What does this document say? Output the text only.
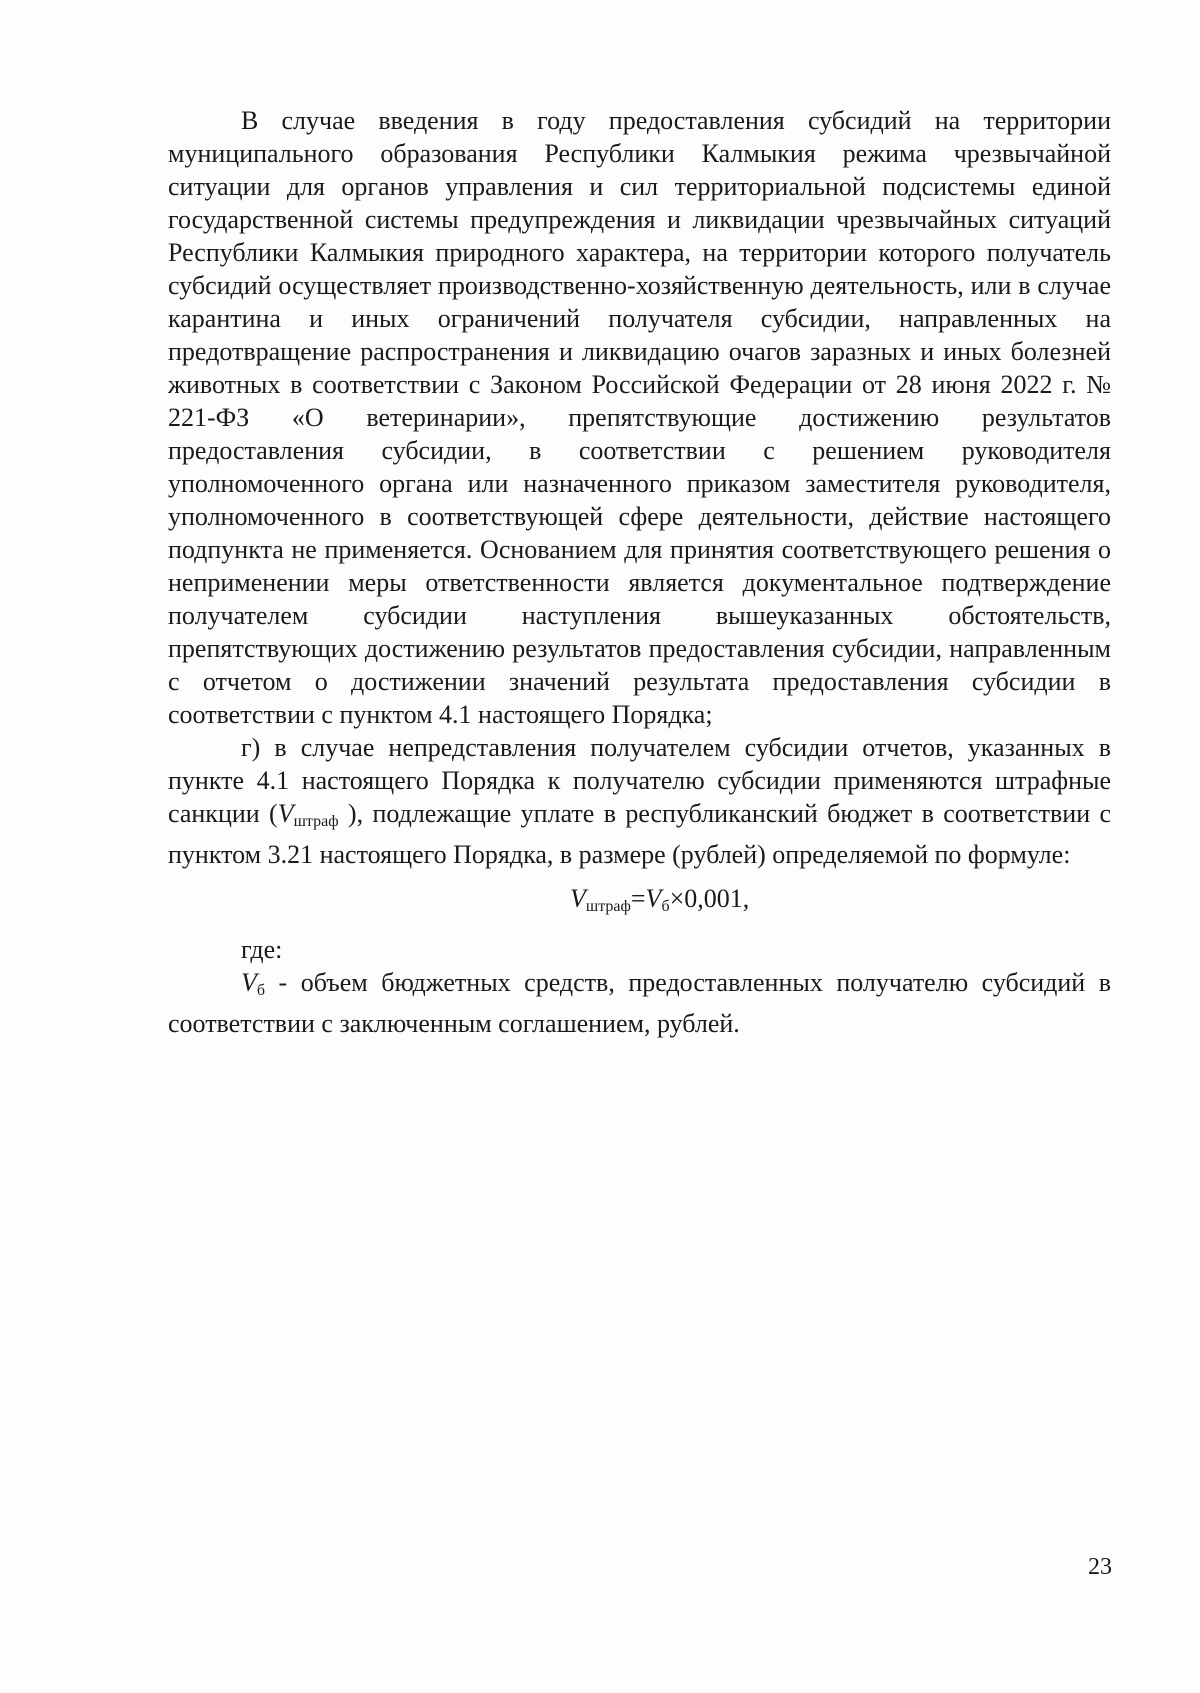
В случае введения в году предоставления субсидий на территории муниципального образования Республики Калмыкия режима чрезвычайной ситуации для органов управления и сил территориальной подсистемы единой государственной системы предупреждения и ликвидации чрезвычайных ситуаций Республики Калмыкия природного характера, на территории которого получатель субсидий осуществляет производственно-хозяйственную деятельность, или в случае карантина и иных ограничений получателя субсидии, направленных на предотвращение распространения и ликвидацию очагов заразных и иных болезней животных в соответствии с Законом Российской Федерации от 28 июня 2022 г. № 221-ФЗ «О ветеринарии», препятствующие достижению результатов предоставления субсидии, в соответствии с решением руководителя уполномоченного органа или назначенного приказом заместителя руководителя, уполномоченного в соответствующей сфере деятельности, действие настоящего подпункта не применяется. Основанием для принятия соответствующего решения о неприменении меры ответственности является документальное подтверждение получателем субсидии наступления вышеуказанных обстоятельств, препятствующих достижению результатов предоставления субсидии, направленным с отчетом о достижении значений результата предоставления субсидии в соответствии с пунктом 4.1 настоящего Порядка;

г) в случае непредставления получателем субсидии отчетов, указанных в пункте 4.1 настоящего Порядка к получателю субсидии применяются штрафные санкции ($V_{штраф}$ ), подлежащие уплате в республиканский бюджет в соответствии с пунктом 3.21 настоящего Порядка, в размере (рублей) определяемой по формуле:

$V_{штраф}=V_б\times 0,001$,

где:

$V_б$ - объем бюджетных средств, предоставленных получателю субсидий в соответствии с заключенным соглашением, рублей.

23
